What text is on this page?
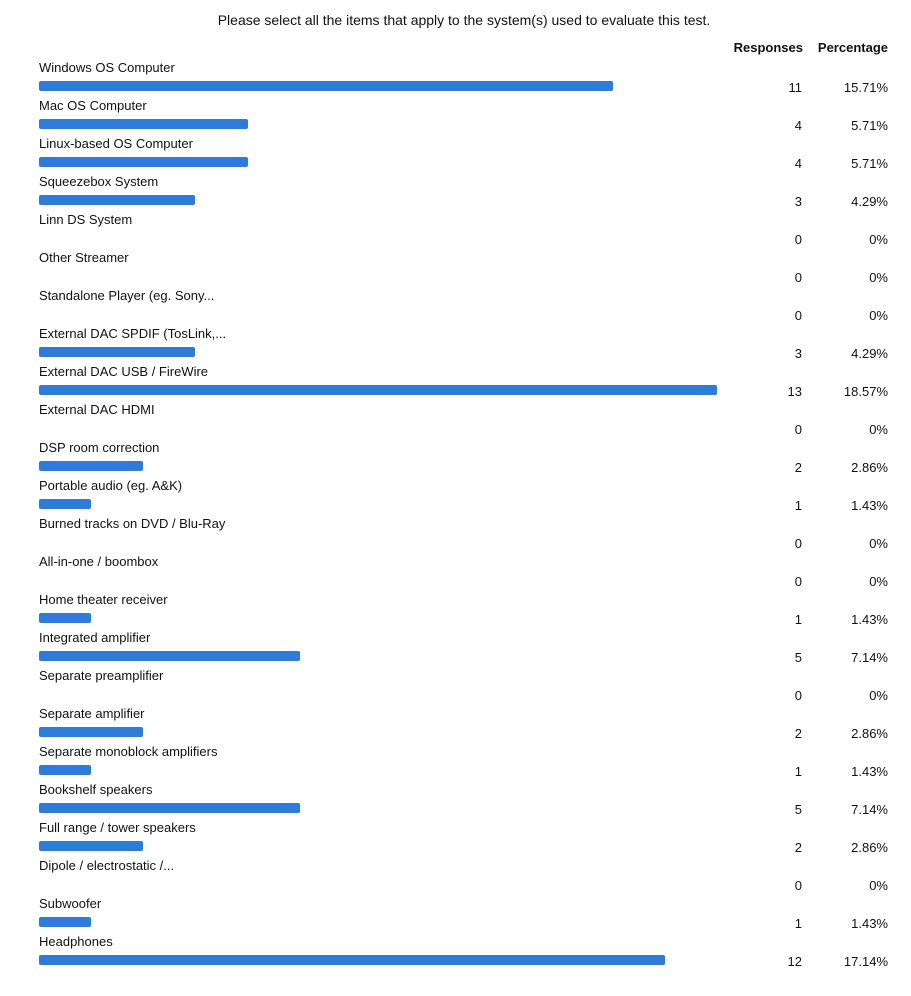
Please select all the items that apply to the system(s) used to evaluate this test.
Responses	Percentage
Windows OS Computer
11	15.71%
Mac OS Computer
4	5.71%
Linux-based OS Computer
4	5.71%
Squeezebox System
3	4.29%
Linn DS System
0	0%
Other Streamer
0	0%
Standalone Player (eg. Sony...
0	0%
External DAC SPDIF (TosLink,...
3	4.29%
External DAC USB / FireWire
13	18.57%
External DAC HDMI
0	0%
DSP room correction
2	2.86%
Portable audio (eg. A&K)
1	1.43%
Burned tracks on DVD / Blu-Ray
0	0%
All-in-one / boombox
0	0%
Home theater receiver
1	1.43%
Integrated amplifier
5	7.14%
Separate preamplifier
0	0%
Separate amplifier
2	2.86%
Separate monoblock amplifiers
1	1.43%
Bookshelf speakers
5	7.14%
Full range / tower speakers
2	2.86%
Dipole / electrostatic /...
0	0%
Subwoofer
1	1.43%
Headphones
12	17.14%
